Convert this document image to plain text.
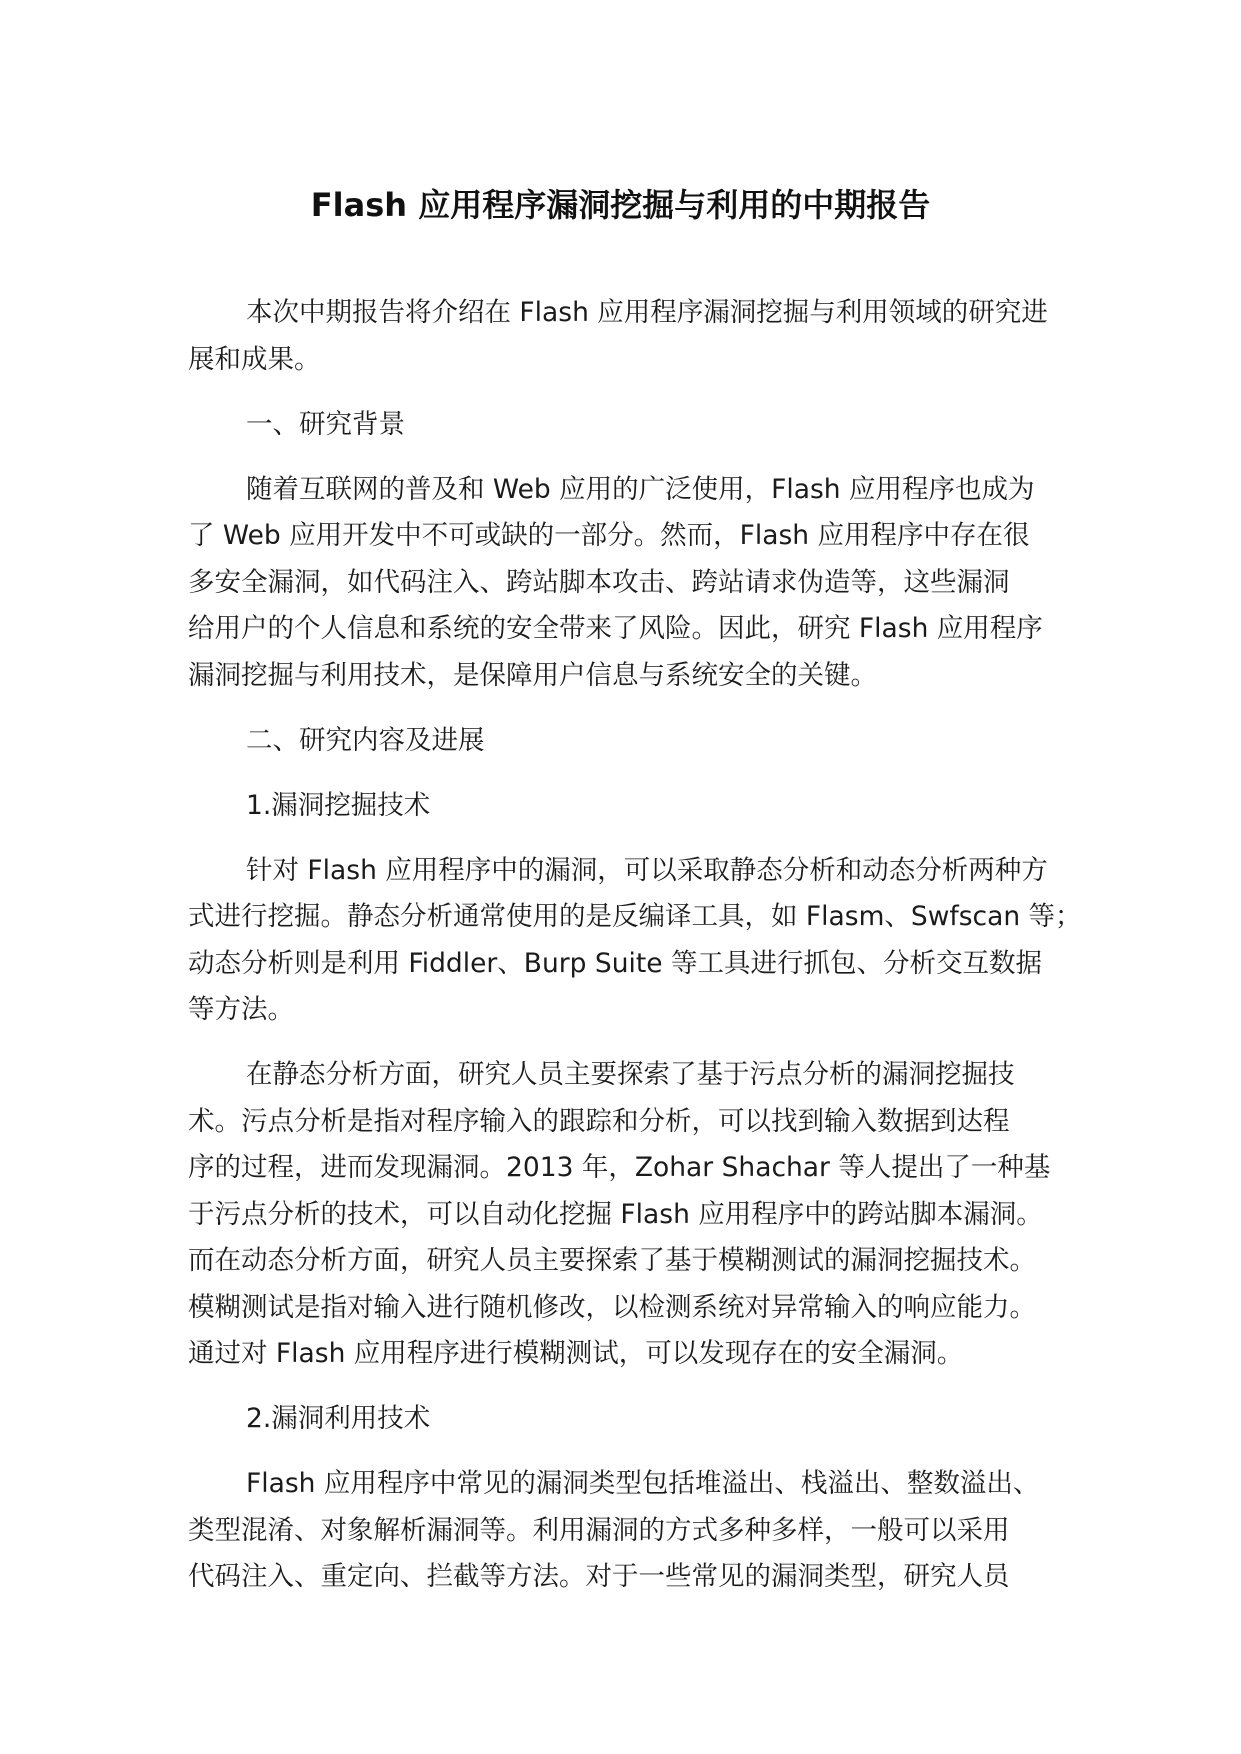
Flash 应用程序漏洞挖掘与利用的中期报告
本次中期报告将介绍在 Flash 应用程序漏洞挖掘与利用领域的研究进
展和成果。
一、研究背景
随着互联网的普及和 Web 应用的广泛使用，Flash 应用程序也成为
了 Web 应用开发中不可或缺的一部分。然而，Flash 应用程序中存在很
多安全漏洞，如代码注入、跨站脚本攻击、跨站请求伪造等，这些漏洞
给用户的个人信息和系统的安全带来了风险。因此，研究 Flash 应用程序
漏洞挖掘与利用技术，是保障用户信息与系统安全的关键。
二、研究内容及进展
1.漏洞挖掘技术
针对 Flash 应用程序中的漏洞，可以采取静态分析和动态分析两种方
式进行挖掘。静态分析通常使用的是反编译工具，如 Flasm、Swfscan 等；
动态分析则是利用 Fiddler、Burp Suite 等工具进行抓包、分析交互数据
等方法。
在静态分析方面，研究人员主要探索了基于污点分析的漏洞挖掘技
术。污点分析是指对程序输入的跟踪和分析，可以找到输入数据到达程
序的过程，进而发现漏洞。2013 年，Zohar Shachar 等人提出了一种基
于污点分析的技术，可以自动化挖掘 Flash 应用程序中的跨站脚本漏洞。
而在动态分析方面，研究人员主要探索了基于模糊测试的漏洞挖掘技术。
模糊测试是指对输入进行随机修改，以检测系统对异常输入的响应能力。
通过对 Flash 应用程序进行模糊测试，可以发现存在的安全漏洞。
2.漏洞利用技术
Flash 应用程序中常见的漏洞类型包括堆溢出、栈溢出、整数溢出、
类型混淆、对象解析漏洞等。利用漏洞的方式多种多样，一般可以采用
代码注入、重定向、拦截等方法。对于一些常见的漏洞类型，研究人员
